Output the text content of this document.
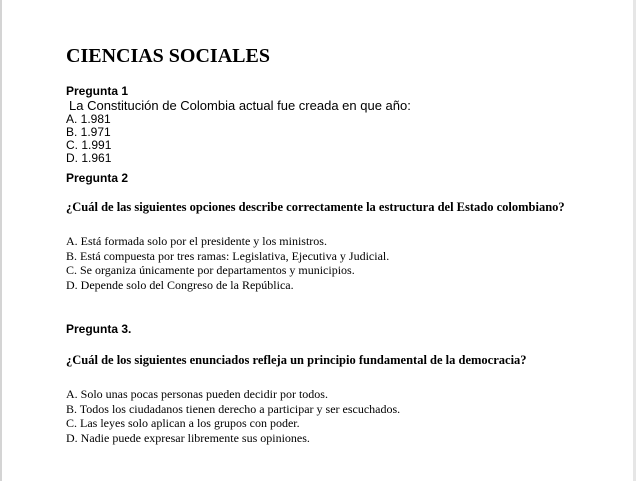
CIENCIAS SOCIALES

Pregunta 1

La Constitución de Colombia actual fue creada en que año:

A. 1.981
B. 1.971
C. 1.991
D. 1.961

Pregunta 2

¿Cuál de las siguientes opciones describe correctamente la estructura del Estado colombiano?

A. Está formada solo por el presidente y los ministros.
B. Está compuesta por tres ramas: Legislativa, Ejecutiva y Judicial.
C. Se organiza únicamente por departamentos y municipios.
D. Depende solo del Congreso de la República.

Pregunta 3.

¿Cuál de los siguientes enunciados refleja un principio fundamental de la democracia?

A. Solo unas pocas personas pueden decidir por todos.
B. Todos los ciudadanos tienen derecho a participar y ser escuchados.
C. Las leyes solo aplican a los grupos con poder.
D. Nadie puede expresar libremente sus opiniones.
